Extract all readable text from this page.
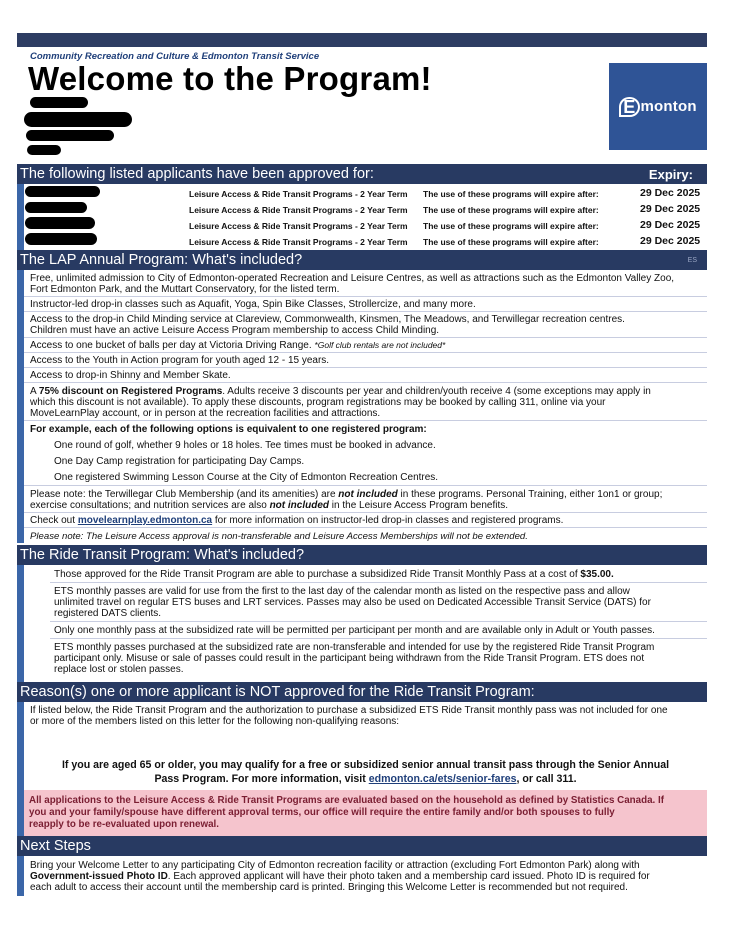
Community Recreation and Culture & Edmonton Transit Service
Welcome to the Program!
E monton
The following listed applicants have been approved for:	Expiry:
Leisure Access & Ride Transit Programs - 2 Year Term The use of these programs will expire after:	29 Dec 2025
Leisure Access & Ride Transit Programs - 2 Year Term The use of these programs will expire after:	29 Dec 2025
Leisure Access & Ride Transit Programs - 2 Year Term The use of these programs will expire after:	29 Dec 2025
Leisure Access & Ride Transit Programs - 2 Year Term The use of these programs will expire after:	29 Dec 2025
The LAP Annual Program: What's included?	ES
Free, unlimited admission to City of Edmonton-operated Recreation and Leisure Centres, as well as attractions such as the Edmonton Valley Zoo,
Fort Edmonton Park, and the Muttart Conservatory, for the listed term.
Instructor-led drop-in classes such as Aquafit, Yoga, Spin Bike Classes, Strollercize, and many more.
Access to the drop-in Child Minding service at Clareview, Commonwealth, Kinsmen, The Meadows, and Terwillegar recreation centres.
Children must have an active Leisure Access Program membership to access Child Minding.
Access to one bucket of balls per day at Victoria Driving Range. *Golf club rentals are not included*
Access to the Youth in Action program for youth aged 12 - 15 years.
Access to drop-in Shinny and Member Skate.
A 75% discount on Registered Programs. Adults receive 3 discounts per year and children/youth receive 4 (some exceptions may apply in
which this discount is not available). To apply these discounts, program registrations may be booked by calling 311, online via your
MoveLearnPlay account, or in person at the recreation facilities and attractions.
For example, each of the following options is equivalent to one registered program:
One round of golf, whether 9 holes or 18 holes. Tee times must be booked in advance.
One Day Camp registration for participating Day Camps.
One registered Swimming Lesson Course at the City of Edmonton Recreation Centres.
Please note: the Terwillegar Club Membership (and its amenities) are not included in these programs. Personal Training, either 1on1 or group;
exercise consultations; and nutrition services are also not included in the Leisure Access Program benefits.
Check out movelearnplay.edmonton.ca for more information on instructor-led drop-in classes and registered programs.
Please note: The Leisure Access approval is non-transferable and Leisure Access Memberships will not be extended.
The Ride Transit Program: What's included?
Those approved for the Ride Transit Program are able to purchase a subsidized Ride Transit Monthly Pass at a cost of $35.00.
ETS monthly passes are valid for use from the first to the last day of the calendar month as listed on the respective pass and allow
unlimited travel on regular ETS buses and LRT services. Passes may also be used on Dedicated Accessible Transit Service (DATS) for
registered DATS clients.
Only one monthly pass at the subsidized rate will be permitted per participant per month and are available only in Adult or Youth passes.
ETS monthly passes purchased at the subsidized rate are non-transferable and intended for use by the registered Ride Transit Program
participant only. Misuse or sale of passes could result in the participant being withdrawn from the Ride Transit Program. ETS does not
replace lost or stolen passes.
Reason(s) one or more applicant is NOT approved for the Ride Transit Program:
If listed below, the Ride Transit Program and the authorization to purchase a subsidized ETS Ride Transit monthly pass was not included for one
or more of the members listed on this letter for the following non-qualifying reasons:
If you are aged 65 or older, you may qualify for a free or subsidized senior annual transit pass through the Senior Annual
Pass Program. For more information, visit edmonton.ca/ets/senior-fares, or call 311.
All applications to the Leisure Access & Ride Transit Programs are evaluated based on the household as defined by Statistics Canada. If
you and your family/spouse have different approval terms, our office will require the entire family and/or both spouses to fully
reapply to be re-evaluated upon renewal.
Next Steps
Bring your Welcome Letter to any participating City of Edmonton recreation facility or attraction (excluding Fort Edmonton Park) along with
Government-issued Photo ID. Each approved applicant will have their photo taken and a membership card issued. Photo ID is required for
each adult to access their account until the membership card is printed. Bringing this Welcome Letter is recommended but not required.
